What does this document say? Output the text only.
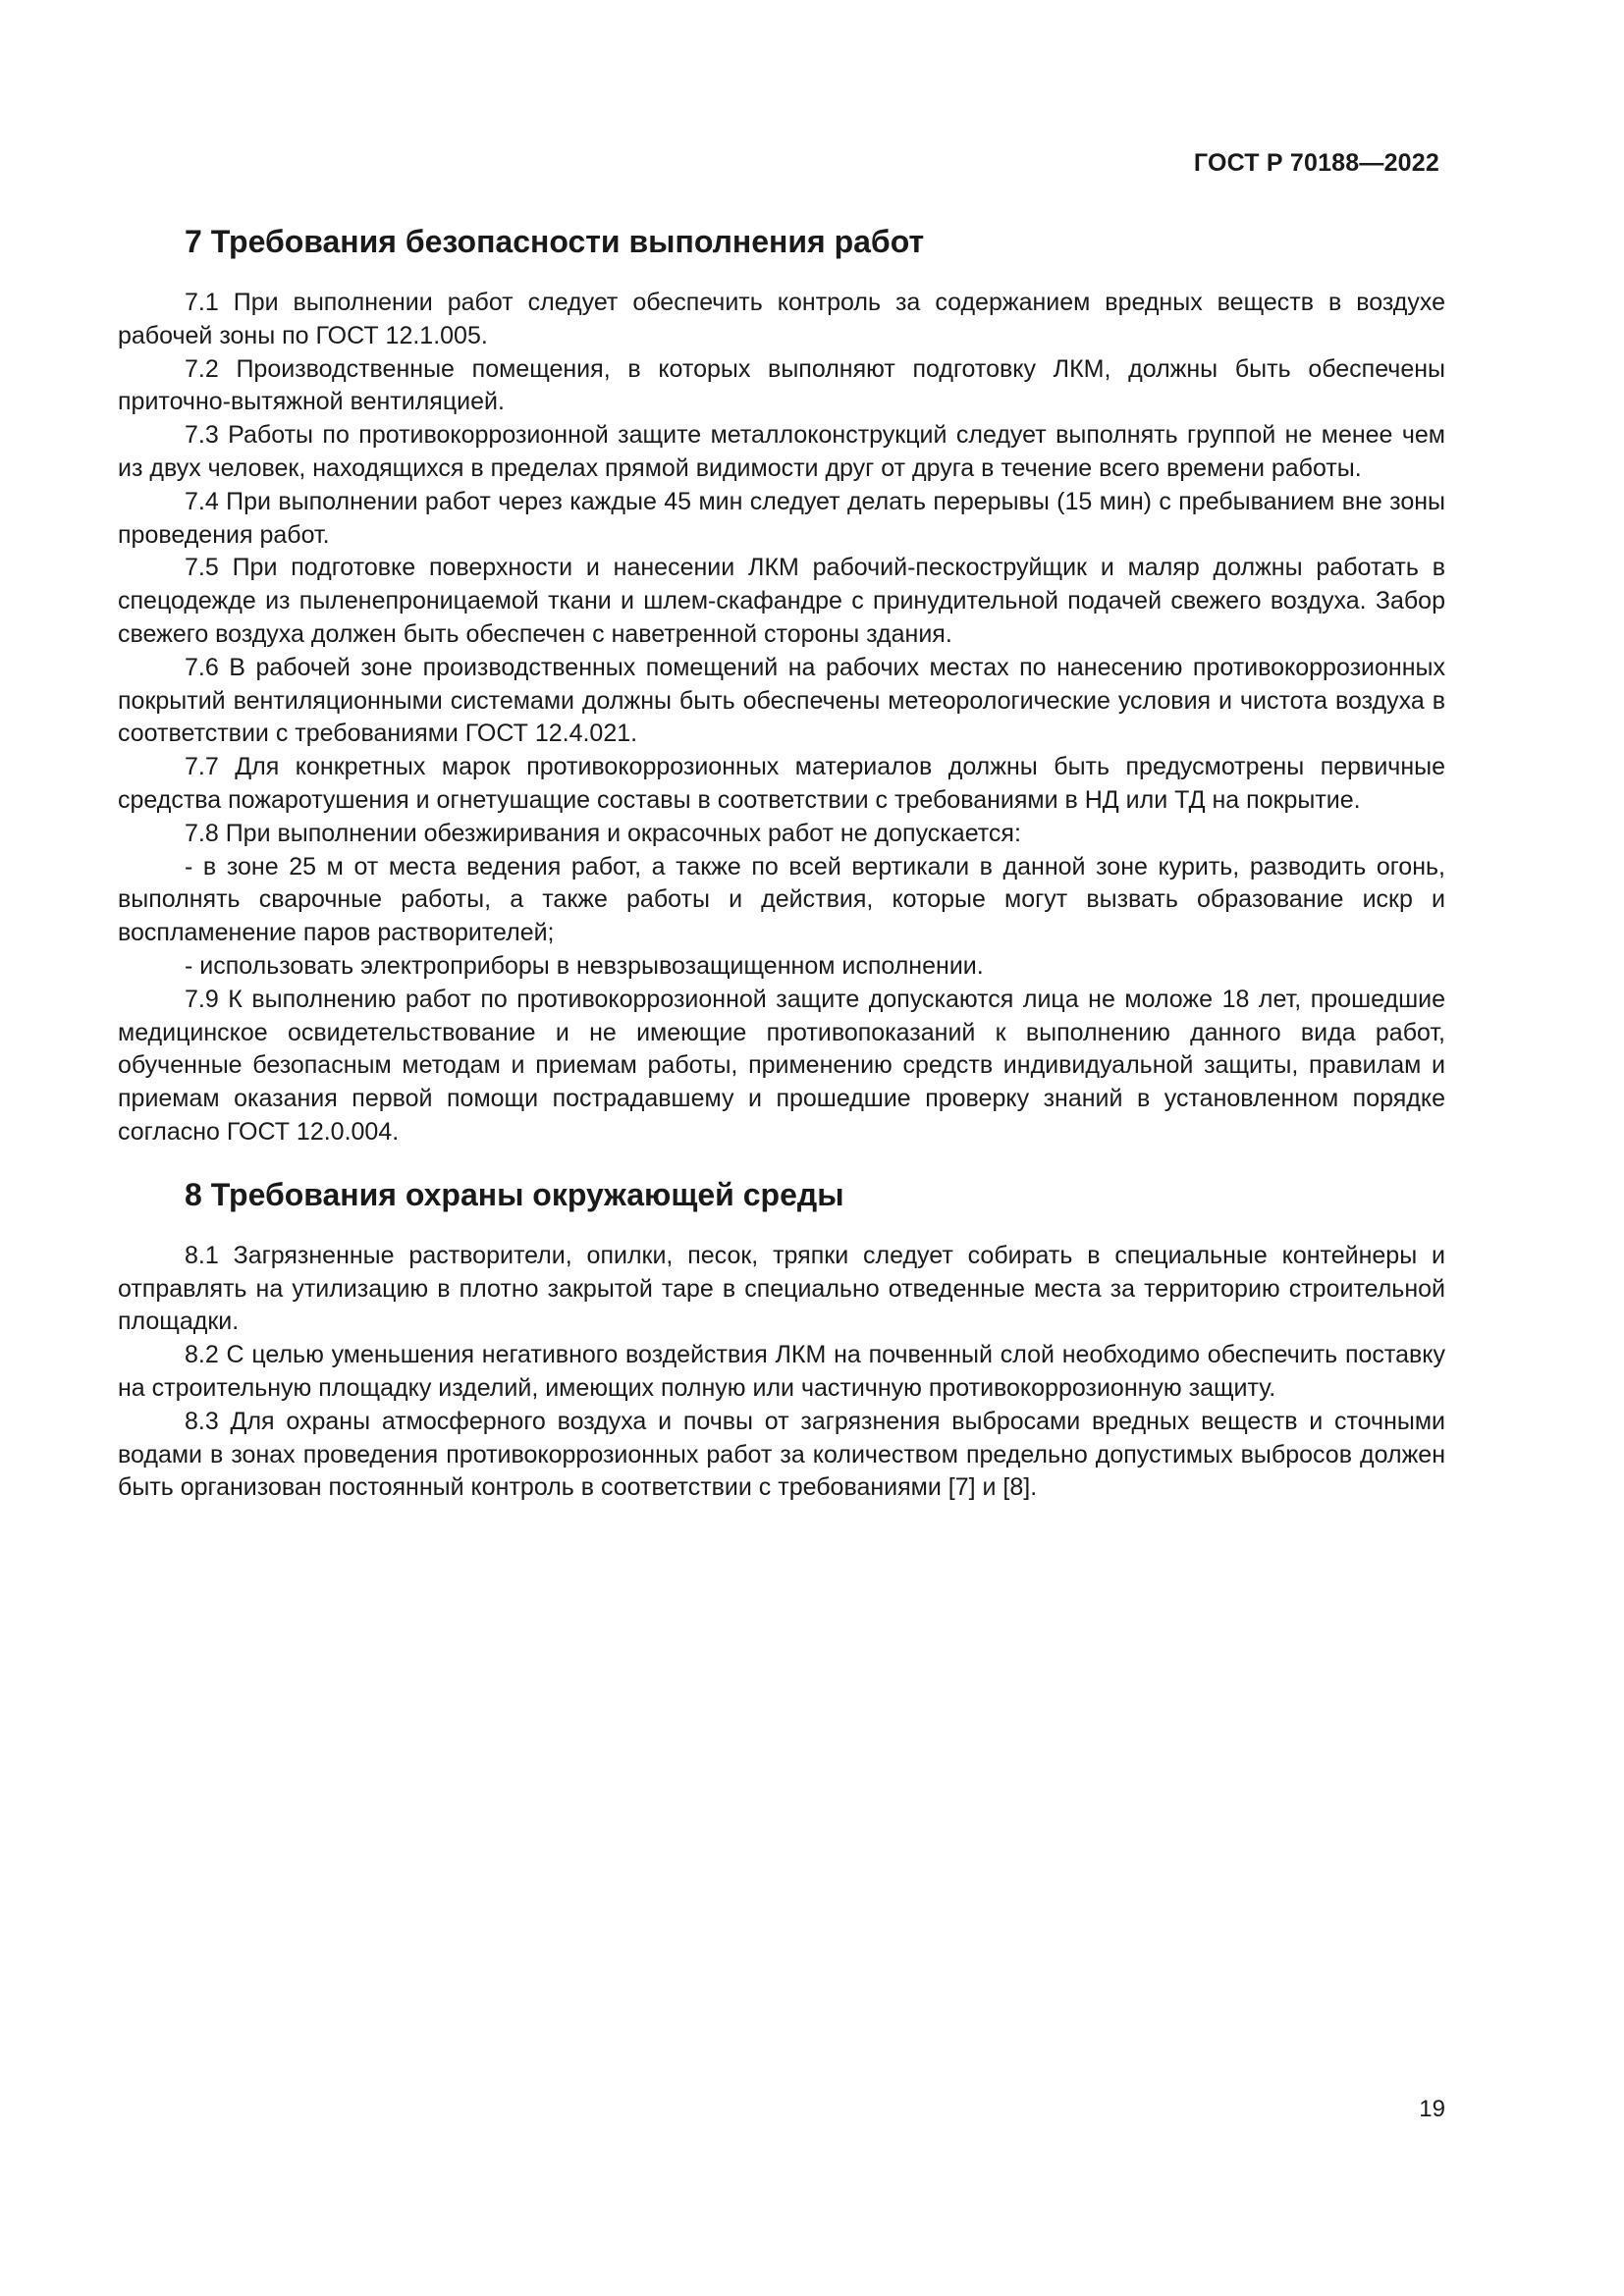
ГОСТ Р 70188—2022
7 Требования безопасности выполнения работ

7.1 При выполнении работ следует обеспечить контроль за содержанием вредных веществ в воздухе рабочей зоны по ГОСТ 12.1.005.

7.2 Производственные помещения, в которых выполняют подготовку ЛКМ, должны быть обеспечены приточно-вытяжной вентиляцией.

7.3 Работы по противокоррозионной защите металлоконструкций следует выполнять группой не менее чем из двух человек, находящихся в пределах прямой видимости друг от друга в течение всего времени работы.

7.4 При выполнении работ через каждые 45 мин следует делать перерывы (15 мин) с пребыванием вне зоны проведения работ.

7.5 При подготовке поверхности и нанесении ЛКМ рабочий-пескоструйщик и маляр должны работать в спецодежде из пыленепроницаемой ткани и шлем-скафандре с принудительной подачей свежего воздуха. Забор свежего воздуха должен быть обеспечен с наветренной стороны здания.

7.6 В рабочей зоне производственных помещений на рабочих местах по нанесению противокоррозионных покрытий вентиляционными системами должны быть обеспечены метеорологические условия и чистота воздуха в соответствии с требованиями ГОСТ 12.4.021.

7.7 Для конкретных марок противокоррозионных материалов должны быть предусмотрены первичные средства пожаротушения и огнетушащие составы в соответствии с требованиями в НД или ТД на покрытие.

7.8 При выполнении обезжиривания и окрасочных работ не допускается:

- в зоне 25 м от места ведения работ, а также по всей вертикали в данной зоне курить, разводить огонь, выполнять сварочные работы, а также работы и действия, которые могут вызвать образование искр и воспламенение паров растворителей;

- использовать электроприборы в невзрывозащищенном исполнении.

7.9 К выполнению работ по противокоррозионной защите допускаются лица не моложе 18 лет, прошедшие медицинское освидетельствование и не имеющие противопоказаний к выполнению данного вида работ, обученные безопасным методам и приемам работы, применению средств индивидуальной защиты, правилам и приемам оказания первой помощи пострадавшему и прошедшие проверку знаний в установленном порядке согласно ГОСТ 12.0.004.

8 Требования охраны окружающей среды

8.1 Загрязненные растворители, опилки, песок, тряпки следует собирать в специальные контейнеры и отправлять на утилизацию в плотно закрытой таре в специально отведенные места за территорию строительной площадки.

8.2 С целью уменьшения негативного воздействия ЛКМ на почвенный слой необходимо обеспечить поставку на строительную площадку изделий, имеющих полную или частичную противокоррозионную защиту.

8.3 Для охраны атмосферного воздуха и почвы от загрязнения выбросами вредных веществ и сточными водами в зонах проведения противокоррозионных работ за количеством предельно допустимых выбросов должен быть организован постоянный контроль в соответствии с требованиями [7] и [8].

19
